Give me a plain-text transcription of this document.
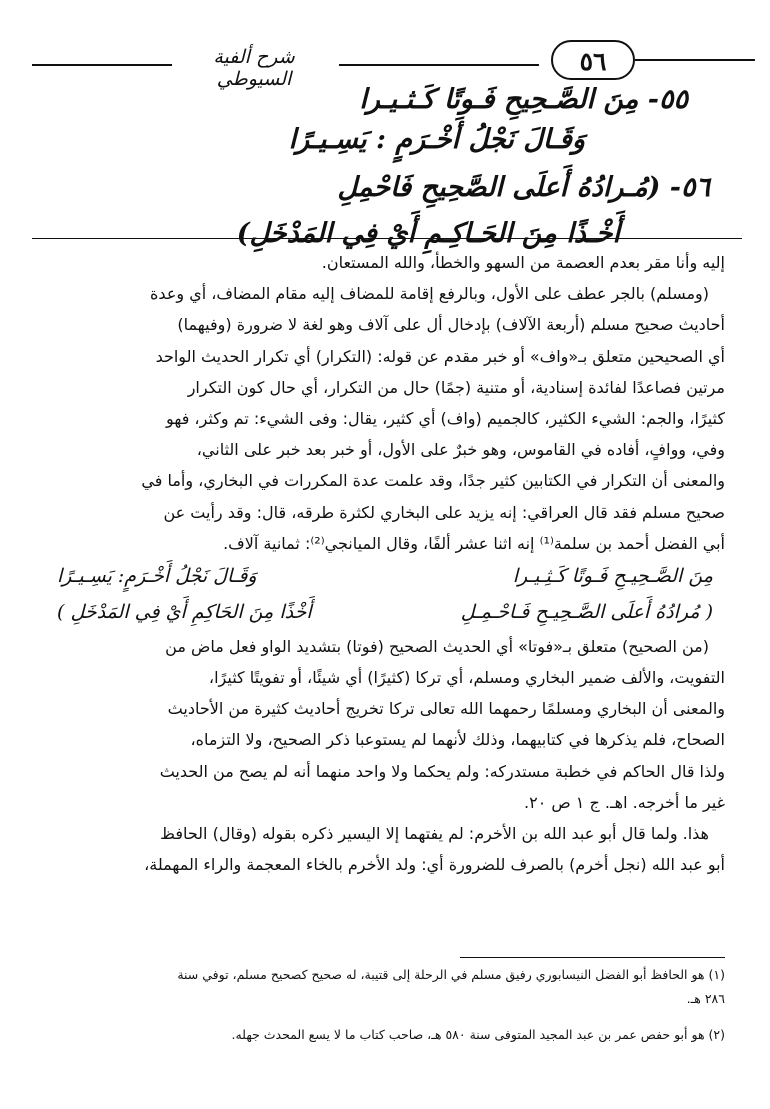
شرح ألفية السيوطي
٥٦
٥٥- مِنَ الصَّـحِيحِ فَـوتًا كَـثـيـرا
وَقَـالَ نَجْلُ أَخْـرَمٍ : يَسِـيـرًا
٥٦- (مُـرادُهُ أَعلَى الصَّحِيحِ فَاحْمِلِ
أَخْـذًا مِنَ الحَـاكِـمِ أَيْ فِي المَدْخَلِ)
إليه وأنا مقر بعدم العصمة من السهو والخطأ، والله المستعان.
(ومسلم) بالجر عطف على الأول، وبالرفع إقامة للمضاف إليه مقام المضاف، أي وعدة
أحاديث صحيح مسلم (أربعة الآلاف) بإدخال أل على آلاف وهو لغة لا ضرورة (وفيهما)
أي الصحيحين متعلق بـ«واف» أو خبر مقدم عن قوله: (التكرار) أي تكرار الحديث الواحد
مرتين فصاعدًا لفائدة إسنادية، أو متنية (جمًا) حال من التكرار، أي حال كون التكرار
كثيرًا، والجم: الشيء الكثير، كالجميم (واف) أي كثير، يقال: وفى الشيء: تم وكثر، فهو
وفي، ووافٍ، أفاده في القاموس، وهو خبرٌ على الأول، أو خبر بعد خبر على الثاني،
والمعنى أن التكرار في الكتابين كثير جدًا، وقد علمت عدة المكررات في البخاري، وأما في
صحيح مسلم فقد قال العراقي: إنه يزيد على البخاري لكثرة طرقه، قال: وقد رأيت عن
أبي الفضل أحمد بن سلمة⁽¹⁾ إنه اثنا عشر ألفًا، وقال الميانجي⁽²⁾: ثمانية آلاف.
مِنَ الصَّـحِيـحِ فَـوتًا كَـثِـيـرا
وَقَـالَ نَجْلُ أَخْـرَمٍ: يَسِـيـرًا
( مُرادُهُ أَعلَى الصَّـحِيـحِ فَـاحْـمِـلِ
أَخْذًا مِنَ الحَاكِمِ أَيْ فِي المَدْخَلِ )
(من الصحيح) متعلق بـ«فوتا» أي الحديث الصحيح (فوتا) بتشديد الواو فعل ماض من
التفويت، والألف ضمير البخاري ومسلم، أي تركا (كثيرًا) أي شيئًا، أو تفويتًا كثيرًا،
والمعنى أن البخاري ومسلمًا رحمهما الله تعالى تركا تخريج أحاديث كثيرة من الأحاديث
الصحاح، فلم يذكرها في كتابيهما، وذلك لأنهما لم يستوعبا ذكر الصحيح، ولا التزماه،
ولذا قال الحاكم في خطبة مستدركه: ولم يحكما ولا واحد منهما أنه لم يصح من الحديث
غير ما أخرجه. اهـ. ج ١ ص ٢٠.
هذا. ولما قال أبو عبد الله بن الأخرم: لم يفتهما إلا اليسير ذكره بقوله (وقال) الحافظ
أبو عبد الله (نجل أخرم) بالصرف للضرورة أي: ولد الأخرم بالخاء المعجمة والراء المهملة،
(١) هو الحافظ أبو الفضل النيسابوري رفيق مسلم في الرحلة إلى قتيبة، له صحيح كصحيح مسلم، توفي سنة
٢٨٦ هـ.
(٢) هو أبو حفص عمر بن عبد المجيد المتوفى سنة ٥٨٠ هـ، صاحب كتاب ما لا يسع المحدث جهله.
